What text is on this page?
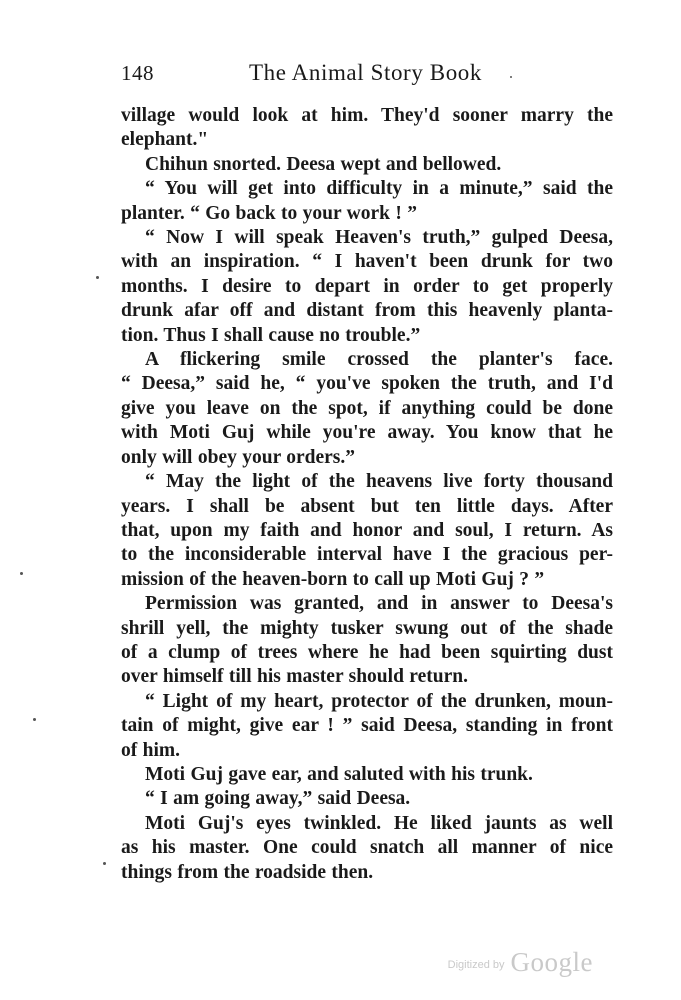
148	The Animal Story Book

village would look at him. They'd sooner marry the
elephant."

Chihun snorted. Deesa wept and bellowed.

“ You will get into difficulty in a minute,” said the
planter. “ Go back to your work ! ”

“ Now I will speak Heaven's truth,” gulped Deesa,
with an inspiration. “ I haven't been drunk for two
months. I desire to depart in order to get properly
drunk afar off and distant from this heavenly planta-
tion. Thus I shall cause no trouble.”

A flickering smile crossed the planter's face.
“ Deesa,” said he, “ you've spoken the truth, and I'd
give you leave on the spot, if anything could be done
with Moti Guj while you're away. You know that he
only will obey your orders.”

“ May the light of the heavens live forty thousand
years. I shall be absent but ten little days. After
that, upon my faith and honor and soul, I return. As
to the inconsiderable interval have I the gracious per-
mission of the heaven-born to call up Moti Guj ? ”

Permission was granted, and in answer to Deesa's
shrill yell, the mighty tusker swung out of the shade
of a clump of trees where he had been squirting dust
over himself till his master should return.

“ Light of my heart, protector of the drunken, moun-
tain of might, give ear ! ” said Deesa, standing in front
of him.

Moti Guj gave ear, and saluted with his trunk.

“ I am going away,” said Deesa.

Moti Guj's eyes twinkled. He liked jaunts as well
as his master. One could snatch all manner of nice
things from the roadside then.

Digitized by Google
